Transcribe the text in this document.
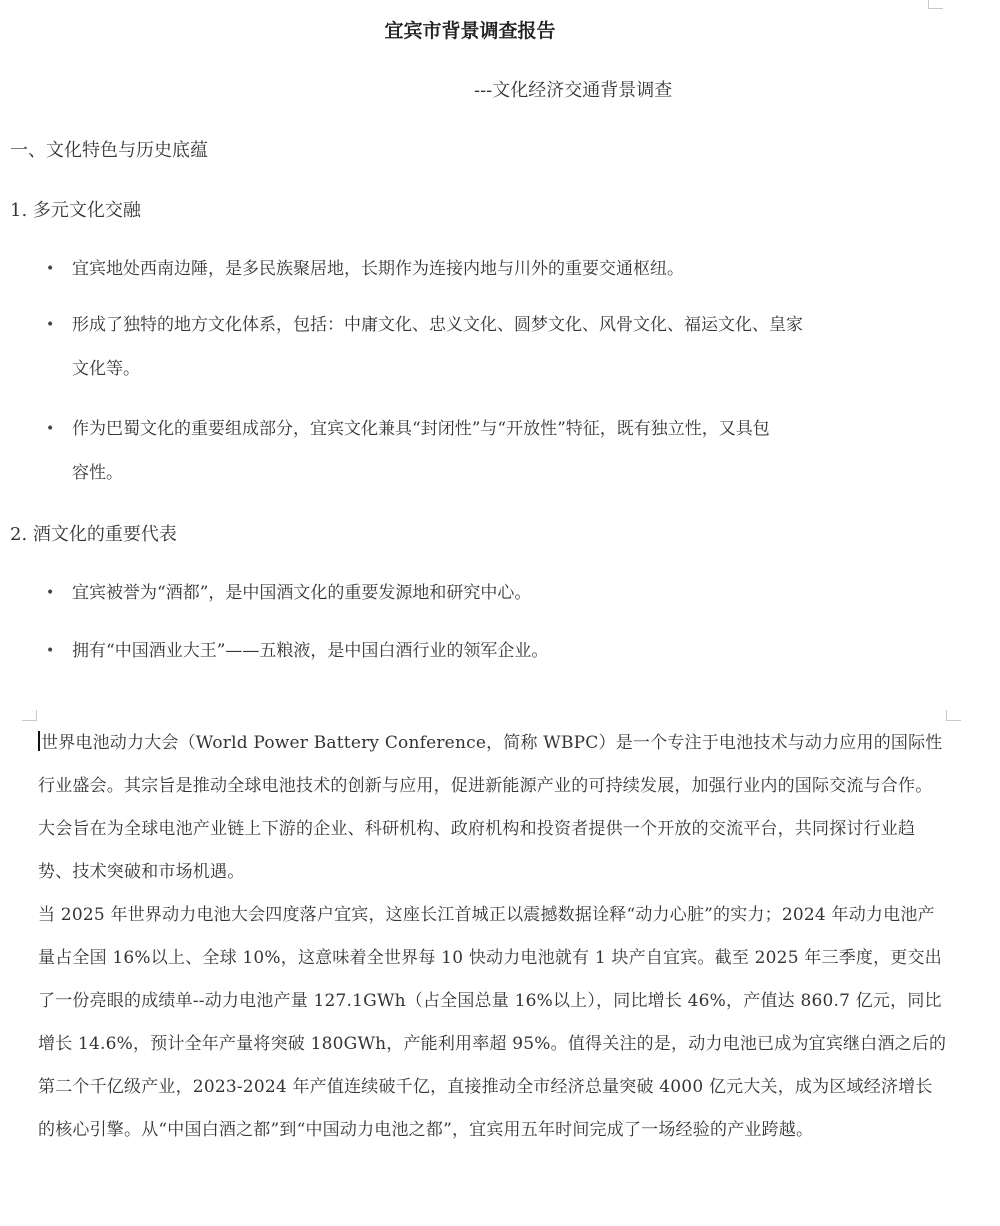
宜宾市背景调查报告
---文化经济交通背景调查
一、文化特色与历史底蕴
1. 多元文化交融
• 宜宾地处西南边陲，是多民族聚居地，长期作为连接内地与川外的重要交通枢纽。
• 形成了独特的地方文化体系，包括：中庸文化、忠义文化、圆梦文化、风骨文化、福运文化、皇家
文化等。
• 作为巴蜀文化的重要组成部分，宜宾文化兼具“封闭性”与“开放性”特征，既有独立性，又具包
容性。
2. 酒文化的重要代表
• 宜宾被誉为“酒都”，是中国酒文化的重要发源地和研究中心。
• 拥有“中国酒业大王”——五粮液，是中国白酒行业的领军企业。
世界电池动力大会（World Power Battery Conference，简称 WBPC）是一个专注于电池技术与动力应用的国际性行业盛会。其宗旨是推动全球电池技术的创新与应用，促进新能源产业的可持续发展，加强行业内的国际交流与合作。大会旨在为全球电池产业链上下游的企业、科研机构、政府机构和投资者提供一个开放的交流平台，共同探讨行业趋势、技术突破和市场机遇。
当 2025 年世界动力电池大会四度落户宜宾，这座长江首城正以震撼数据诠释“动力心脏”的实力；2024 年动力电池产量占全国 16%以上、全球 10%，这意味着全世界每 10 快动力电池就有 1 块产自宜宾。截至 2025 年三季度，更交出了一份亮眼的成绩单--动力电池产量 127.1GWh（占全国总量 16%以上），同比增长 46%，产值达 860.7 亿元，同比增长 14.6%，预计全年产量将突破 180GWh，产能利用率超 95%。值得关注的是，动力电池已成为宜宾继白酒之后的第二个千亿级产业，2023-2024 年产值连续破千亿，直接推动全市经济总量突破 4000 亿元大关，成为区域经济增长的核心引擎。从“中国白酒之都”到“中国动力电池之都”，宜宾用五年时间完成了一场经验的产业跨越。
